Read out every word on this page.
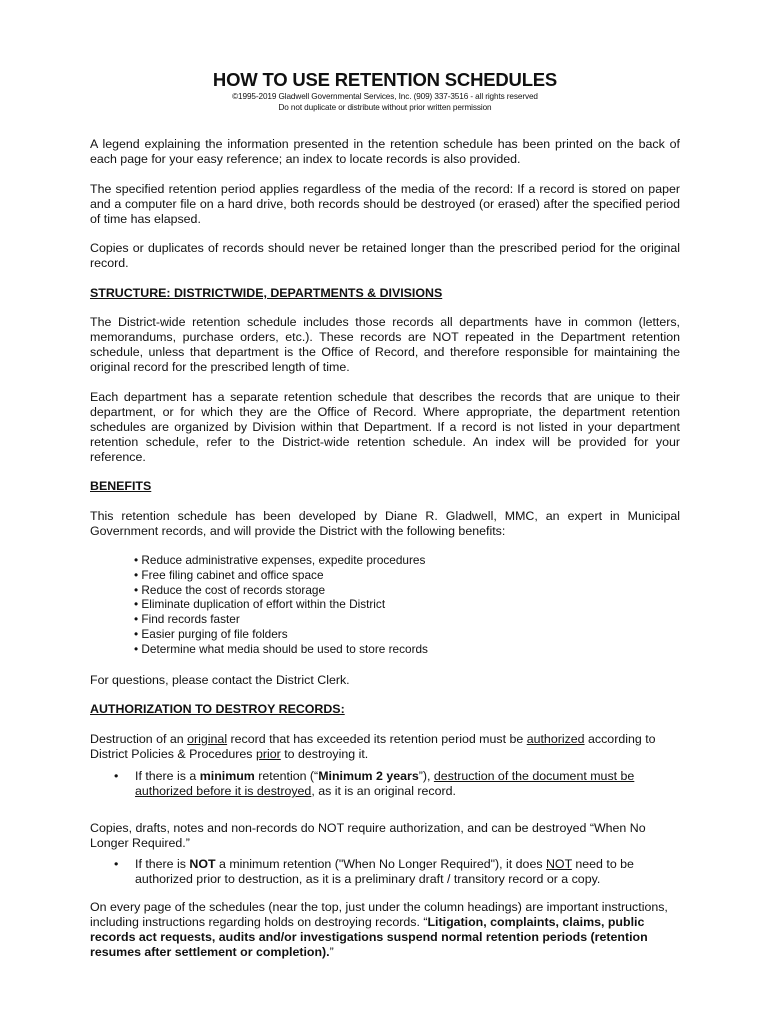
HOW TO USE RETENTION SCHEDULES
©1995-2019 Gladwell Governmental Services, Inc. (909) 337-3516 - all rights reserved
Do not duplicate or distribute without prior written permission
A legend explaining the information presented in the retention schedule has been printed on the back of each page for your easy reference; an index to locate records is also provided.
The specified retention period applies regardless of the media of the record: If a record is stored on paper and a computer file on a hard drive, both records should be destroyed (or erased) after the specified period of time has elapsed.
Copies or duplicates of records should never be retained longer than the prescribed period for the original record.
STRUCTURE: DISTRICTWIDE, DEPARTMENTS & DIVISIONS
The District-wide retention schedule includes those records all departments have in common (letters, memorandums, purchase orders, etc.). These records are NOT repeated in the Department retention schedule, unless that department is the Office of Record, and therefore responsible for maintaining the original record for the prescribed length of time.
Each department has a separate retention schedule that describes the records that are unique to their department, or for which they are the Office of Record. Where appropriate, the department retention schedules are organized by Division within that Department. If a record is not listed in your department retention schedule, refer to the District-wide retention schedule. An index will be provided for your reference.
BENEFITS
This retention schedule has been developed by Diane R. Gladwell, MMC, an expert in Municipal Government records, and will provide the District with the following benefits:
• Reduce administrative expenses, expedite procedures
• Free filing cabinet and office space
• Reduce the cost of records storage
• Eliminate duplication of effort within the District
• Find records faster
• Easier purging of file folders
• Determine what media should be used to store records
For questions, please contact the District Clerk.
AUTHORIZATION TO DESTROY RECORDS:
Destruction of an original record that has exceeded its retention period must be authorized according to District Policies & Procedures prior to destroying it.
• If there is a minimum retention (“Minimum 2 years”), destruction of the document must be authorized before it is destroyed, as it is an original record.
Copies, drafts, notes and non-records do NOT require authorization, and can be destroyed “When No Longer Required.”
• If there is NOT a minimum retention ("When No Longer Required"), it does NOT need to be authorized prior to destruction, as it is a preliminary draft / transitory record or a copy.
On every page of the schedules (near the top, just under the column headings) are important instructions, including instructions regarding holds on destroying records. “Litigation, complaints, claims, public records act requests, audits and/or investigations suspend normal retention periods (retention resumes after settlement or completion).”
